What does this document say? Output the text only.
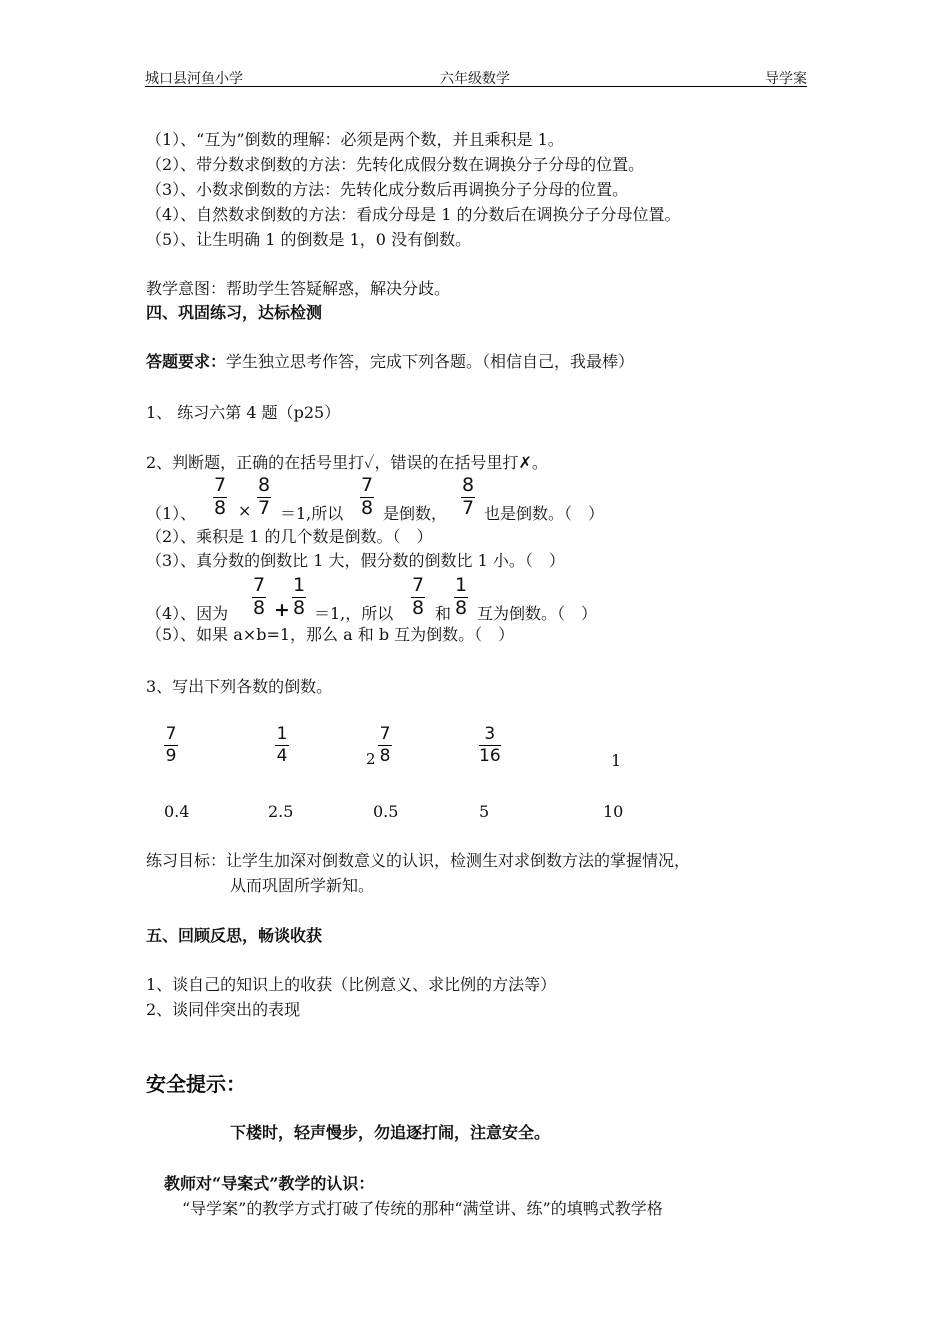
城口县河鱼小学	六年级数学	导学案
（1）、“互为”倒数的理解：必须是两个数，并且乘积是 1。
（2）、带分数求倒数的方法：先转化成假分数在调换分子分母的位置。
（3）、小数求倒数的方法：先转化成分数后再调换分子分母的位置。
（4）、自然数求倒数的方法：看成分母是 1 的分数后在调换分子分母位置。
（5）、让生明确 1 的倒数是 1，0 没有倒数。
教学意图：帮助学生答疑解惑，解决分歧。
四、巩固练习，达标检测
答题要求：学生独立思考作答，完成下列各题。（相信自己，我最棒）
1、 练习六第 4 题（p25）
2、判断题，正确的在括号里打✓，错误的在括号里打✗。
（1）、
7
8 ×
8
7 ＝1,所以
7
8 是倒数，
8
7 也是倒数。（　）
（2）、乘积是 1 的几个数是倒数。（　）
（3）、真分数的倒数比 1 大，假分数的倒数比 1 小。（　）
（4）、因为
7
8 +
1
8 ＝1,，所以
7
8 和
1
8 互为倒数。（　）
（5）、如果 a×b=1，那么 a 和 b 互为倒数。（　）
3、写出下列各数的倒数。
7
9
1
4	2
7
8
3
16	1
0.4	2.5	0.5	5	10
练习目标：让学生加深对倒数意义的认识，检测生对求倒数方法的掌握情况，
从而巩固所学新知。
五、回顾反思，畅谈收获
1、谈自己的知识上的收获（比例意义、求比例的方法等）
2、谈同伴突出的表现
安全提示：
下楼时，轻声慢步，勿追逐打闹，注意安全。
教师对“导案式”教学的认识：
“导学案”的教学方式打破了传统的那种“满堂讲、练”的填鸭式教学格
